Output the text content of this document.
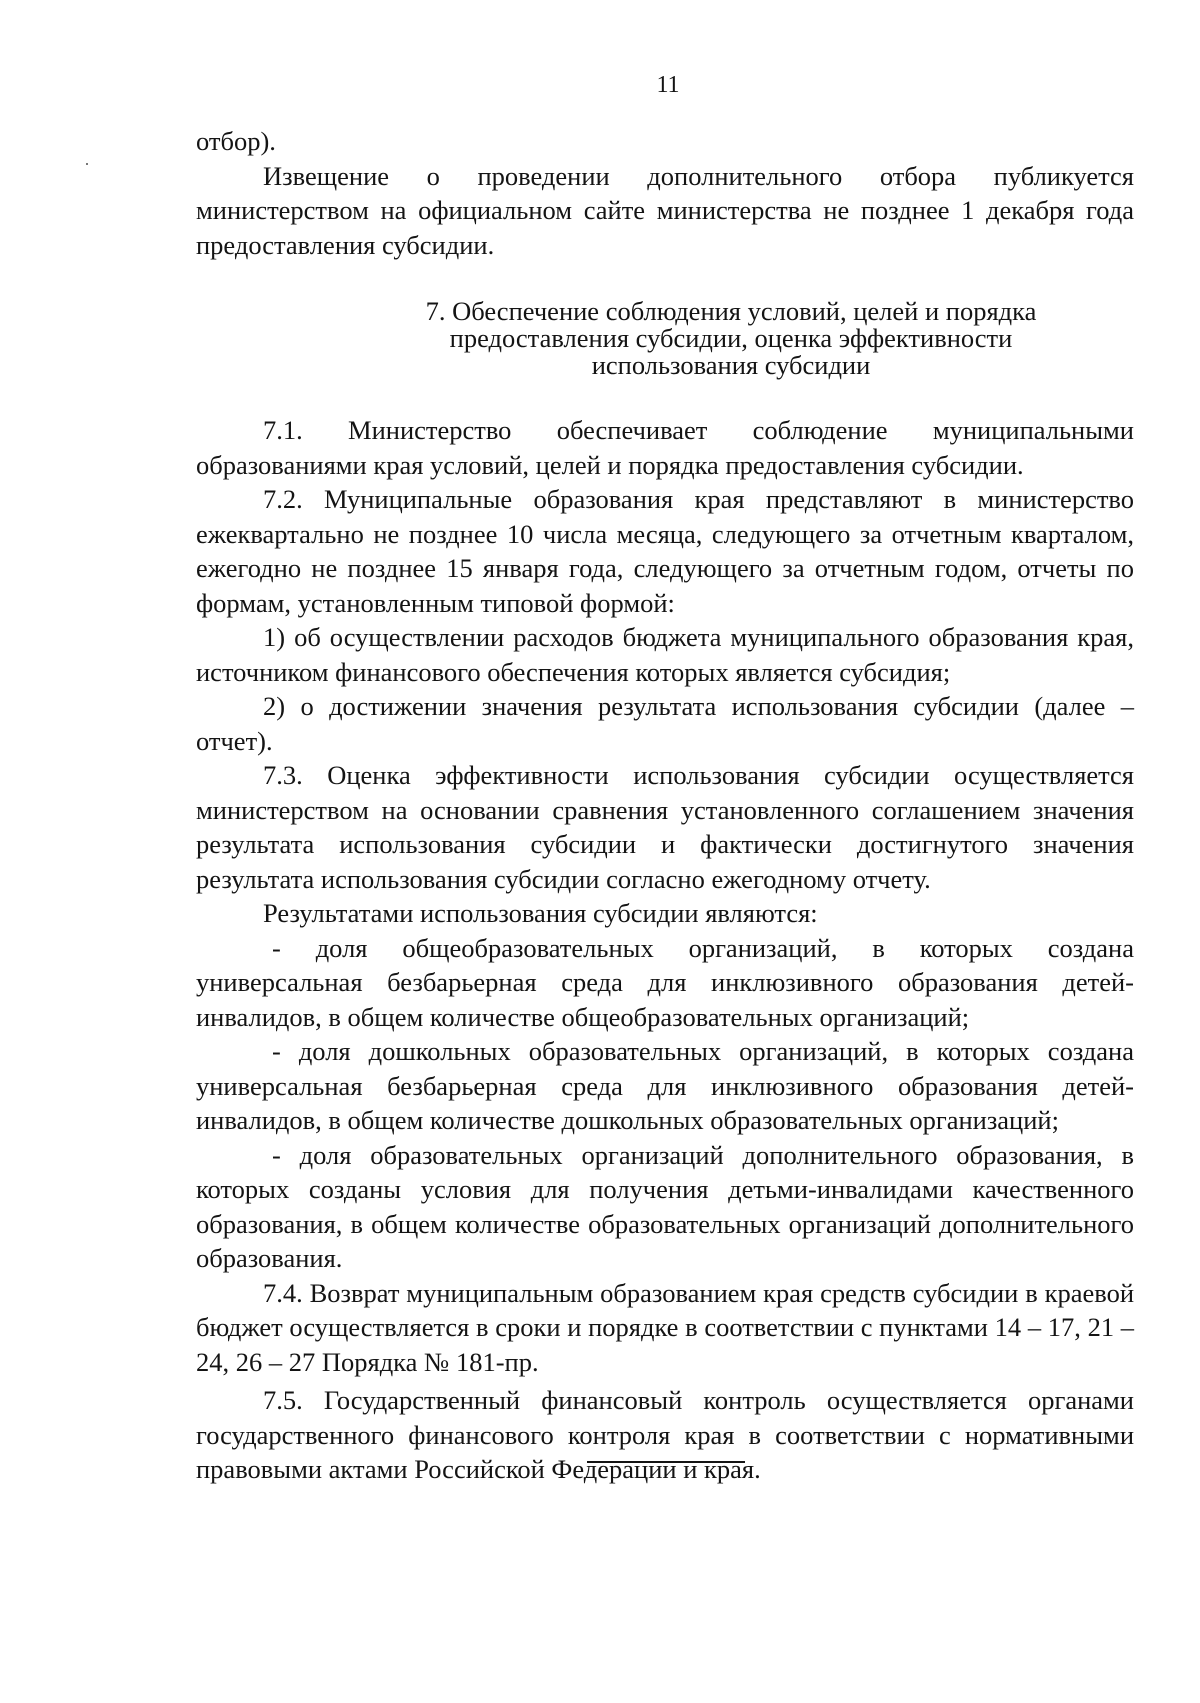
11

отбор).

Извещение о проведении дополнительного отбора публикуется министерством на официальном сайте министерства не позднее 1 декабря года предоставления субсидии.

7. Обеспечение соблюдения условий, целей и порядка
предоставления субсидии, оценка эффективности
использования субсидии

7.1. Министерство обеспечивает соблюдение муниципальными образованиями края условий, целей и порядка предоставления субсидии.

7.2. Муниципальные образования края представляют в министерство ежеквартально не позднее 10 числа месяца, следующего за отчетным кварталом, ежегодно не позднее 15 января года, следующего за отчетным годом, отчеты по формам, установленным типовой формой:

1) об осуществлении расходов бюджета муниципального образования края, источником финансового обеспечения которых является субсидия;

2) о достижении значения результата использования субсидии (далее – отчет).

7.3. Оценка эффективности использования субсидии осуществляется министерством на основании сравнения установленного соглашением значения результата использования субсидии и фактически достигнутого значения результата использования субсидии согласно ежегодному отчету.

Результатами использования субсидии являются:

- доля общеобразовательных организаций, в которых создана универсальная безбарьерная среда для инклюзивного образования детей-инвалидов, в общем количестве общеобразовательных организаций;

- доля дошкольных образовательных организаций, в которых создана универсальная безбарьерная среда для инклюзивного образования детей-инвалидов, в общем количестве дошкольных образовательных организаций;

- доля образовательных организаций дополнительного образования, в которых созданы условия для получения детьми-инвалидами качественного образования, в общем количестве образовательных организаций дополнительного образования.

7.4. Возврат муниципальным образованием края средств субсидии в краевой бюджет осуществляется в сроки и порядке в соответствии с пунктами 14 – 17, 21 – 24, 26 – 27 Порядка № 181-пр.

7.5. Государственный финансовый контроль осуществляется органами государственного финансового контроля края в соответствии с нормативными правовыми актами Российской Федерации и края.
